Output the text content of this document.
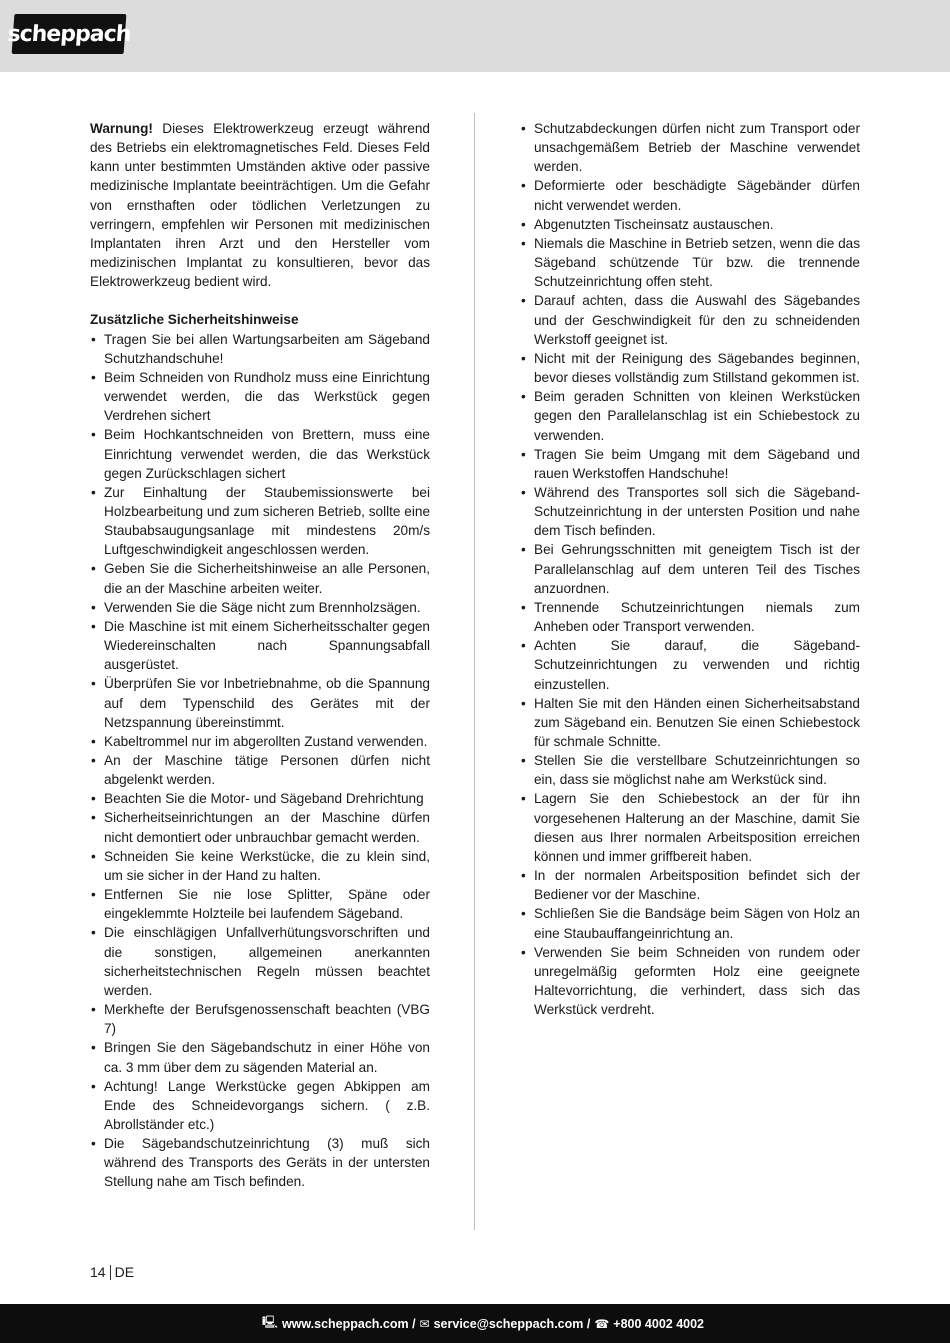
scheppach

Warnung! Dieses Elektrowerkzeug erzeugt während des Betriebs ein elektromagnetisches Feld. Dieses Feld kann unter bestimmten Umständen aktive oder passive medizinische Implantate beeinträchtigen. Um die Gefahr von ernsthaften oder tödlichen Verletzungen zu verringern, empfehlen wir Personen mit medizinischen Implantaten ihren Arzt und den Hersteller vom medizinischen Implantat zu konsultieren, bevor das Elektrowerkzeug bedient wird.

Zusätzliche Sicherheitshinweise

• Tragen Sie bei allen Wartungsarbeiten am Sägeband Schutzhandschuhe!
• Beim Schneiden von Rundholz muss eine Einrichtung verwendet werden, die das Werkstück gegen Verdrehen sichert
• Beim Hochkantschneiden von Brettern, muss eine Einrichtung verwendet werden, die das Werkstück gegen Zurückschlagen sichert
• Zur Einhaltung der Staubemissionswerte bei Holzbearbeitung und zum sicheren Betrieb, sollte eine Staubabsaugungsanlage mit mindestens 20m/s Luftgeschwindigkeit angeschlossen werden.
• Geben Sie die Sicherheitshinweise an alle Personen, die an der Maschine arbeiten weiter.
• Verwenden Sie die Säge nicht zum Brennholzsägen.
• Die Maschine ist mit einem Sicherheitsschalter gegen Wiedereinschalten nach Spannungsabfall ausgerüstet.
• Überprüfen Sie vor Inbetriebnahme, ob die Spannung auf dem Typenschild des Gerätes mit der Netzspannung übereinstimmt.
• Kabeltrommel nur im abgerollten Zustand verwenden.
• An der Maschine tätige Personen dürfen nicht abgelenkt werden.
• Beachten Sie die Motor- und Sägeband Drehrichtung
• Sicherheitseinrichtungen an der Maschine dürfen nicht demontiert oder unbrauchbar gemacht werden.
• Schneiden Sie keine Werkstücke, die zu klein sind, um sie sicher in der Hand zu halten.
• Entfernen Sie nie lose Splitter, Späne oder eingeklemmte Holzteile bei laufendem Sägeband.
• Die einschlägigen Unfallverhütungsvorschriften und die sonstigen, allgemeinen anerkannten sicherheitstechnischen Regeln müssen beachtet werden.
• Merkhefte der Berufsgenossenschaft beachten (VBG 7)
• Bringen Sie den Sägebandschutz in einer Höhe von ca. 3 mm über dem zu sägenden Material an.
• Achtung! Lange Werkstücke gegen Abkippen am Ende des Schneidevorgangs sichern. ( z.B. Abrollständer etc.)
• Die Sägebandschutzeinrichtung (3) muß sich während des Transports des Geräts in der untersten Stellung nahe am Tisch befinden.
• Schutzabdeckungen dürfen nicht zum Transport oder unsachgemäßem Betrieb der Maschine verwendet werden.
• Deformierte oder beschädigte Sägebänder dürfen nicht verwendet werden.
• Abgenutzten Tischeinsatz austauschen.
• Niemals die Maschine in Betrieb setzen, wenn die das Sägeband schützende Tür bzw. die trennende Schutzeinrichtung offen steht.
• Darauf achten, dass die Auswahl des Sägebandes und der Geschwindigkeit für den zu schneidenden Werkstoff geeignet ist.
• Nicht mit der Reinigung des Sägebandes beginnen, bevor dieses vollständig zum Stillstand gekommen ist.
• Beim geraden Schnitten von kleinen Werkstücken gegen den Parallelanschlag ist ein Schiebestock zu verwenden.
• Tragen Sie beim Umgang mit dem Sägeband und rauen Werkstoffen Handschuhe!
• Während des Transportes soll sich die Sägeband-Schutzeinrichtung in der untersten Position und nahe dem Tisch befinden.
• Bei Gehrungsschnitten mit geneigtem Tisch ist der Parallelanschlag auf dem unteren Teil des Tisches anzuordnen.
• Trennende Schutzeinrichtungen niemals zum Anheben oder Transport verwenden.
• Achten Sie darauf, die Sägeband- Schutzeinrichtungen zu verwenden und richtig einzustellen.
• Halten Sie mit den Händen einen Sicherheitsabstand zum Sägeband ein. Benutzen Sie einen Schiebestock für schmale Schnitte.
• Stellen Sie die verstellbare Schutzeinrichtungen so ein, dass sie möglichst nahe am Werkstück sind.
• Lagern Sie den Schiebestock an der für ihn vorgesehenen Halterung an der Maschine, damit Sie diesen aus Ihrer normalen Arbeitsposition erreichen können und immer griffbereit haben.
• In der normalen Arbeitsposition befindet sich der Bediener vor der Maschine.
• Schließen Sie die Bandsäge beim Sägen von Holz an eine Staubauffangeinrichtung an.
• Verwenden Sie beim Schneiden von rundem oder unregelmäßig geformten Holz eine geeignete Haltevorrichtung, die verhindert, dass sich das Werkstück verdreht.
14 DE
🖳 www.scheppach.com / ✉ service@scheppach.com / ☎ +800 4002 4002
